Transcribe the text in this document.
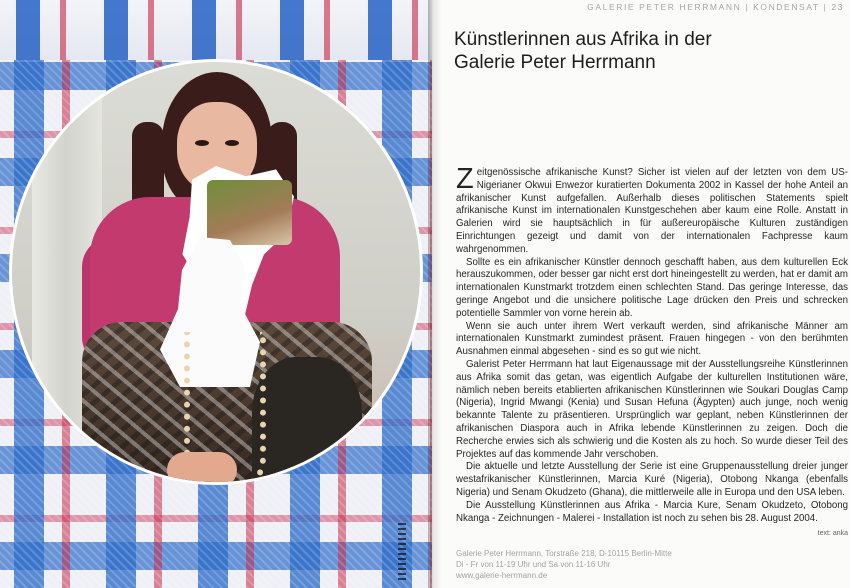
GALERIE PETER HERRMANN | KONDENSAT | 23
Künstlerinnen aus Afrika in der
Galerie Peter Herrmann

Zeitgenössische afrikanische Kunst? Sicher ist vielen auf der letzten von dem US-Nigerianer Okwui Enwezor kuratierten Dokumenta 2002 in Kassel der hohe Anteil an afrikanischer Kunst aufgefallen. Außerhalb dieses politischen Statements spielt afrikanische Kunst im internationalen Kunstgeschehen aber kaum eine Rolle. Anstatt in Galerien wird sie hauptsächlich in für außereuropäische Kulturen zuständigen Einrichtungen gezeigt und damit von der internationalen Fachpresse kaum wahrgenommen.

Sollte es ein afrikanischer Künstler dennoch geschafft haben, aus dem kulturellen Eck herauszukommen, oder besser gar nicht erst dort hineingestellt zu werden, hat er damit am internationalen Kunstmarkt trotzdem einen schlechten Stand. Das geringe Interesse, das geringe Angebot und die unsichere politische Lage drücken den Preis und schrecken potentielle Sammler von vorne herein ab.

Wenn sie auch unter ihrem Wert verkauft werden, sind afrikanische Männer am internationalen Kunstmarkt zumindest präsent. Frauen hingegen - von den berühmten Ausnahmen einmal abgesehen - sind es so gut wie nicht.

Galerist Peter Herrmann hat laut Eigenaussage mit der Ausstellungsreihe Künstlerinnen aus Afrika somit das getan, was eigentlich Aufgabe der kulturellen Institutionen wäre, nämlich neben bereits etablierten afrikanischen Künstlerinnen wie Soukari Douglas Camp (Nigeria), Ingrid Mwangi (Kenia) und Susan Hefuna (Ägypten) auch junge, noch wenig bekannte Talente zu präsentieren. Ursprünglich war geplant, neben Künstlerinnen der afrikanischen Diaspora auch in Afrika lebende Künstlerinnen zu zeigen. Doch die Recherche erwies sich als schwierig und die Kosten als zu hoch. So wurde dieser Teil des Projektes auf das kommende Jahr verschoben.

Die aktuelle und letzte Ausstellung der Serie ist eine Gruppenausstellung dreier junger westafrikanischer Künstlerinnen, Marcia Kuré (Nigeria), Otobong Nkanga (ebenfalls Nigeria) und Senam Okudzeto (Ghana), die mittlerweile alle in Europa und den USA leben.

Die Ausstellung Künstlerinnen aus Afrika - Marcia Kure, Senam Okudzeto, Otobong Nkanga - Zeichnungen - Malerei - Installation ist noch zu sehen bis 28. August 2004.
text: anka

Galerie Peter Herrmann, Torstraße 218, D-10115 Berlin-Mitte
Di - Fr von 11-19 Uhr und Sa von 11-16 Uhr
www.galerie-herrmann.de
